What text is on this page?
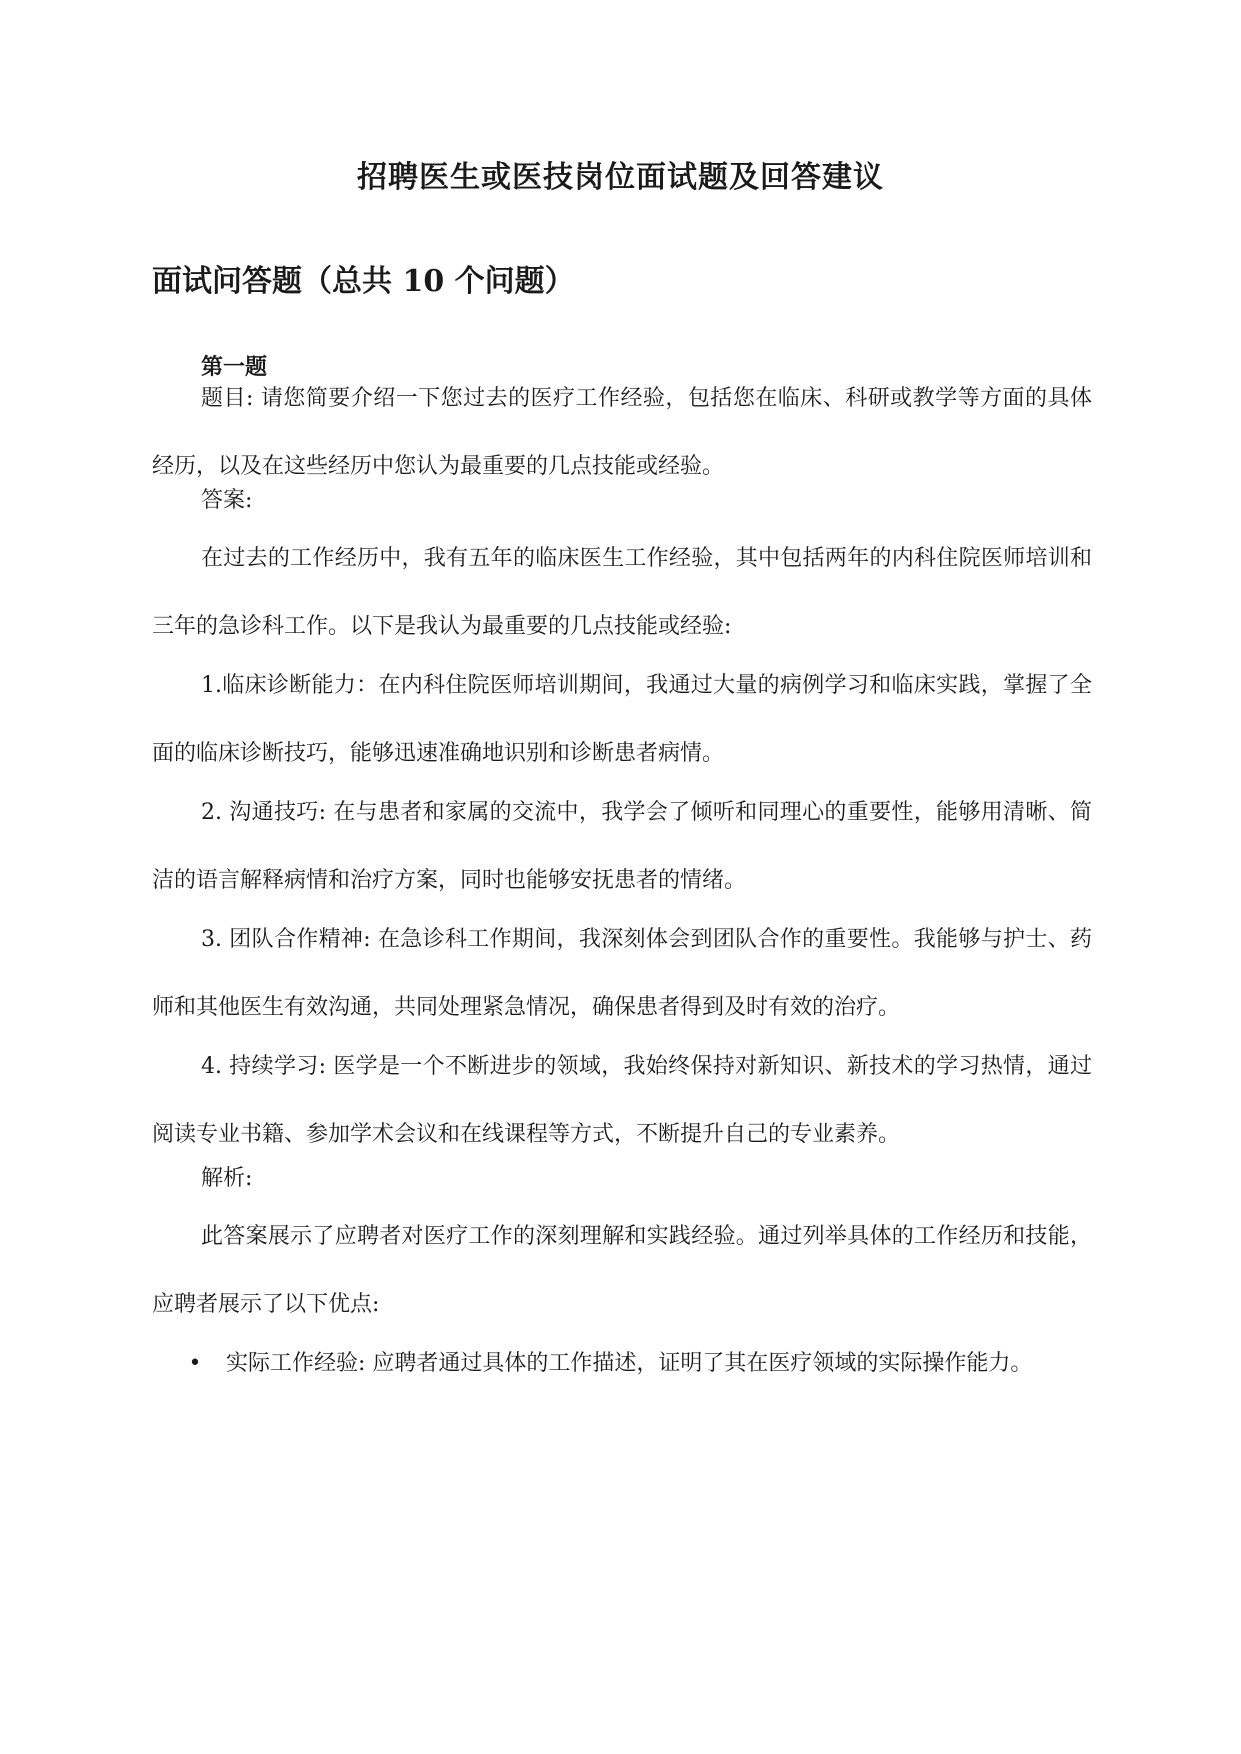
招聘医生或医技岗位面试题及回答建议
面试问答题（总共 10 个问题）
第一题

题目: 请您简要介绍一下您过去的医疗工作经验，包括您在临床、科研或教学等方面的具体经历，以及在这些经历中您认为最重要的几点技能或经验。

答案:

在过去的工作经历中，我有五年的临床医生工作经验，其中包括两年的内科住院医师培训和三年的急诊科工作。以下是我认为最重要的几点技能或经验:

1.临床诊断能力：在内科住院医师培训期间，我通过大量的病例学习和临床实践，掌握了全面的临床诊断技巧，能够迅速准确地识别和诊断患者病情。

2. 沟通技巧: 在与患者和家属的交流中，我学会了倾听和同理心的重要性，能够用清晰、简洁的语言解释病情和治疗方案，同时也能够安抚患者的情绪。

3. 团队合作精神: 在急诊科工作期间，我深刻体会到团队合作的重要性。我能够与护士、药师和其他医生有效沟通，共同处理紧急情况，确保患者得到及时有效的治疗。

4. 持续学习: 医学是一个不断进步的领域，我始终保持对新知识、新技术的学习热情，通过阅读专业书籍、参加学术会议和在线课程等方式，不断提升自己的专业素养。

解析:

此答案展示了应聘者对医疗工作的深刻理解和实践经验。通过列举具体的工作经历和技能，应聘者展示了以下优点:

• 实际工作经验: 应聘者通过具体的工作描述，证明了其在医疗领域的实际操作能力。
